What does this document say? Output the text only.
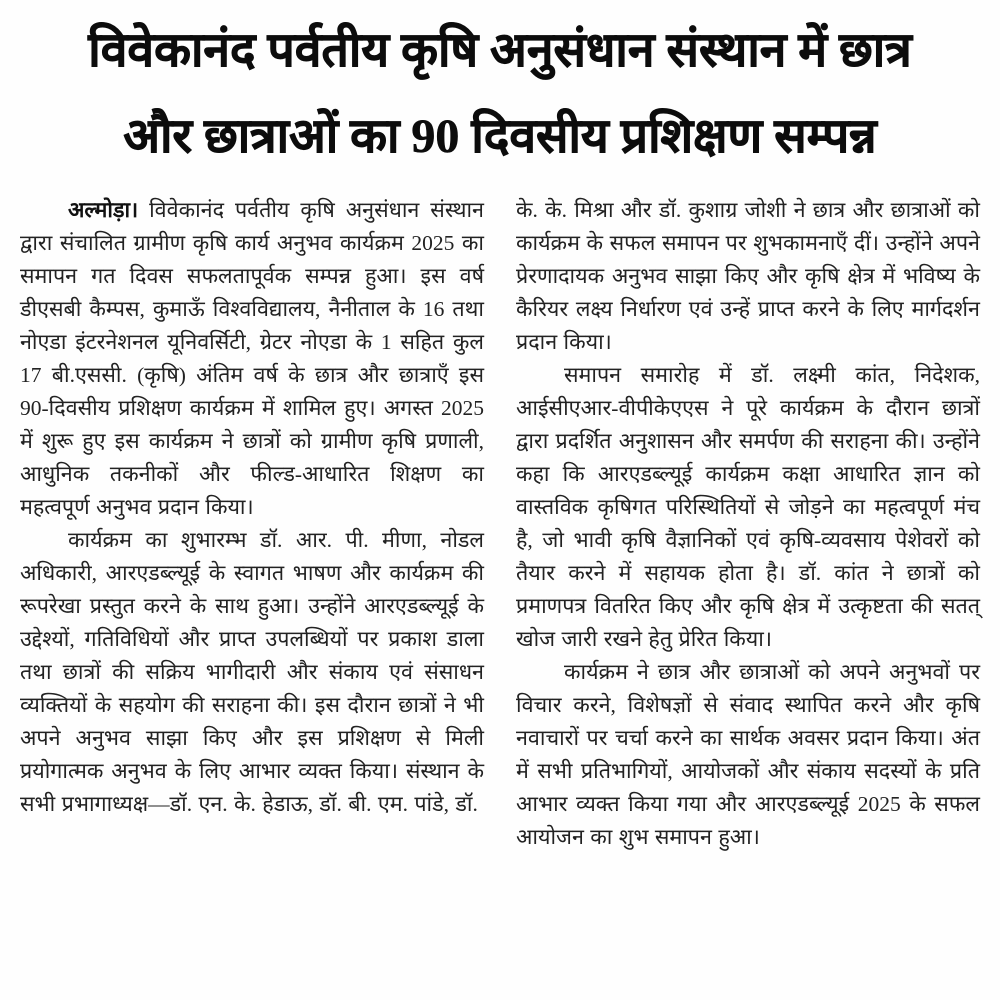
विवेकानंद पर्वतीय कृषि अनुसंधान संस्थान में छात्र
और छात्राओं का 90 दिवसीय प्रशिक्षण सम्पन्न

अल्मोड़ा। विवेकानंद पर्वतीय कृषि अनुसंधान संस्थान द्वारा संचालित ग्रामीण कृषि कार्य अनुभव कार्यक्रम 2025 का समापन गत दिवस सफलतापूर्वक सम्पन्न हुआ। इस वर्ष डीएसबी कैम्पस, कुमाऊँ विश्वविद्यालय, नैनीताल के 16 तथा नोएडा इंटरनेशनल यूनिवर्सिटी, ग्रेटर नोएडा के 1 सहित कुल 17 बी.एससी. (कृषि) अंतिम वर्ष के छात्र और छात्राएँ इस 90-दिवसीय प्रशिक्षण कार्यक्रम में शामिल हुए। अगस्त 2025 में शुरू हुए इस कार्यक्रम ने छात्रों को ग्रामीण कृषि प्रणाली, आधुनिक तकनीकों और फील्ड-आधारित शिक्षण का महत्वपूर्ण अनुभव प्रदान किया।

कार्यक्रम का शुभारम्भ डॉ. आर. पी. मीणा, नोडल अधिकारी, आरएडब्ल्यूई के स्वागत भाषण और कार्यक्रम की रूपरेखा प्रस्तुत करने के साथ हुआ। उन्होंने आरएडब्ल्यूई के उद्देश्यों, गतिविधियों और प्राप्त उपलब्धियों पर प्रकाश डाला तथा छात्रों की सक्रिय भागीदारी और संकाय एवं संसाधन व्यक्तियों के सहयोग की सराहना की। इस दौरान छात्रों ने भी अपने अनुभव साझा किए और इस प्रशिक्षण से मिली प्रयोगात्मक अनुभव के लिए आभार व्यक्त किया। संस्थान के सभी प्रभागाध्यक्ष—डॉ. एन. के. हेडाऊ, डॉ. बी. एम. पांडे, डॉ.

के. के. मिश्रा और डॉ. कुशाग्र जोशी ने छात्र और छात्राओं को कार्यक्रम के सफल समापन पर शुभकामनाएँ दीं। उन्होंने अपने प्रेरणादायक अनुभव साझा किए और कृषि क्षेत्र में भविष्य के कैरियर लक्ष्य निर्धारण एवं उन्हें प्राप्त करने के लिए मार्गदर्शन प्रदान किया।

समापन समारोह में डॉ. लक्ष्मी कांत, निदेशक, आईसीएआर-वीपीकेएएस ने पूरे कार्यक्रम के दौरान छात्रों द्वारा प्रदर्शित अनुशासन और समर्पण की सराहना की। उन्होंने कहा कि आरएडब्ल्यूई कार्यक्रम कक्षा आधारित ज्ञान को वास्तविक कृषिगत परिस्थितियों से जोड़ने का महत्वपूर्ण मंच है, जो भावी कृषि वैज्ञानिकों एवं कृषि-व्यवसाय पेशेवरों को तैयार करने में सहायक होता है। डॉ. कांत ने छात्रों को प्रमाणपत्र वितरित किए और कृषि क्षेत्र में उत्कृष्टता की सतत् खोज जारी रखने हेतु प्रेरित किया।

कार्यक्रम ने छात्र और छात्राओं को अपने अनुभवों पर विचार करने, विशेषज्ञों से संवाद स्थापित करने और कृषि नवाचारों पर चर्चा करने का सार्थक अवसर प्रदान किया। अंत में सभी प्रतिभागियों, आयोजकों और संकाय सदस्यों के प्रति आभार व्यक्त किया गया और आरएडब्ल्यूई 2025 के सफल आयोजन का शुभ समापन हुआ।
